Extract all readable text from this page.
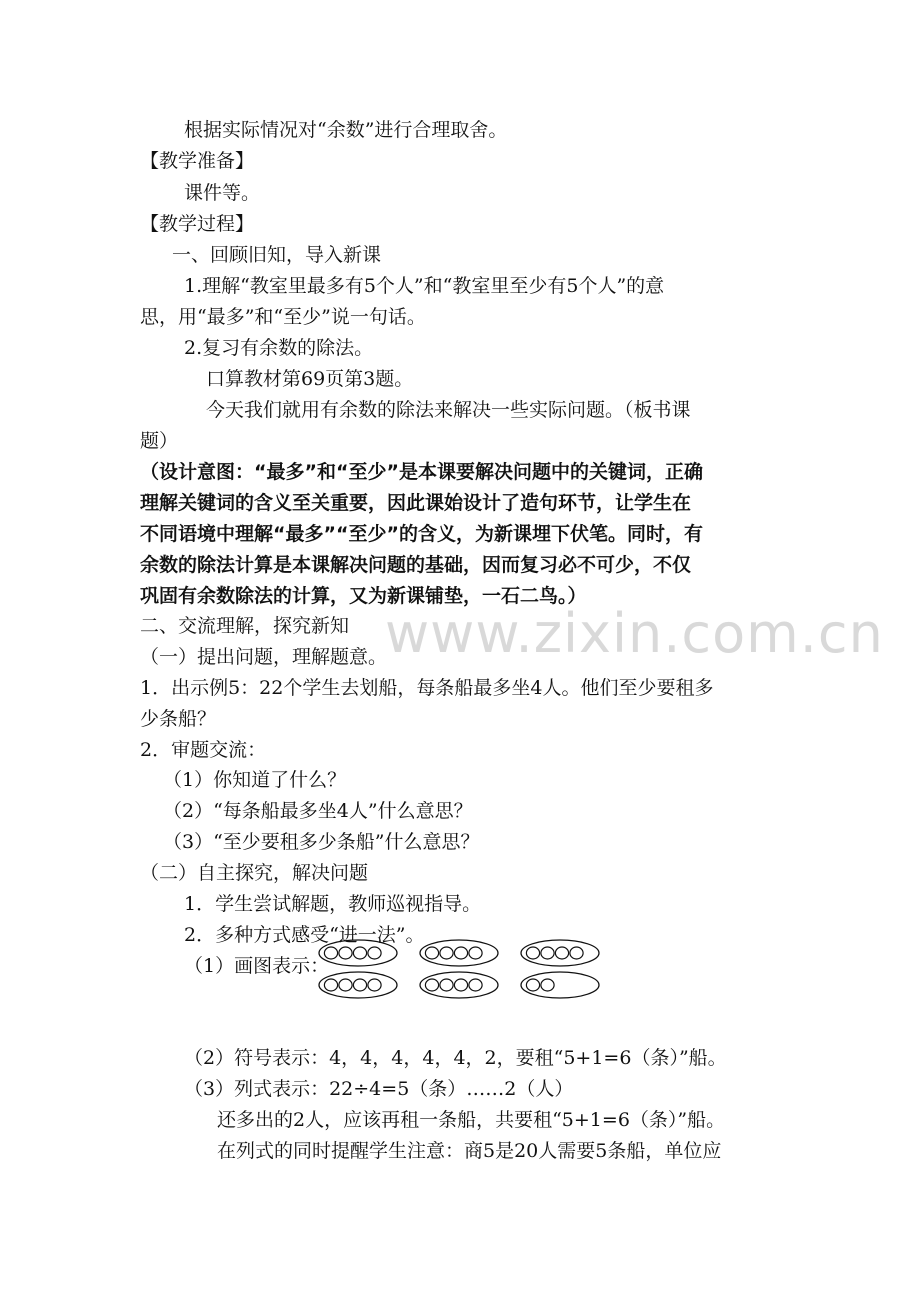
www.zixin.com.cn
根据实际情况对“余数”进行合理取舍。
【教学准备】
课件等。
【教学过程】
一、回顾旧知，导入新课
1.理解“教室里最多有5个人”和“教室里至少有5个人”的意
思，用“最多”和“至少”说一句话。
2.复习有余数的除法。
口算教材第69页第3题。
今天我们就用有余数的除法来解决一些实际问题。（板书课
题）
（设计意图：“最多”和“至少”是本课要解决问题中的关键词，正确
理解关键词的含义至关重要，因此课始设计了造句环节，让学生在
不同语境中理解“最多”“至少”的含义，为新课埋下伏笔。同时，有
余数的除法计算是本课解决问题的基础，因而复习必不可少，不仅
巩固有余数除法的计算，又为新课铺垫，一石二鸟。）
二、交流理解，探究新知
（一）提出问题，理解题意。
1．出示例5：22个学生去划船，每条船最多坐4人。他们至少要租多
少条船？
2．审题交流：
（1）你知道了什么？
（2）“每条船最多坐4人”什么意思？
（3）“至少要租多少条船”什么意思？
（二）自主探究，解决问题
1．学生尝试解题，教师巡视指导。
2．多种方式感受“进一法”。
（1）画图表示：
（2）符号表示：4，4，4，4，4，2，要租“5+1=6（条）”船。
（3）列式表示：22÷4=5（条）……2（人）
还多出的2人，应该再租一条船，共要租“5+1=6（条）”船。
在列式的同时提醒学生注意：商5是20人需要5条船，单位应
